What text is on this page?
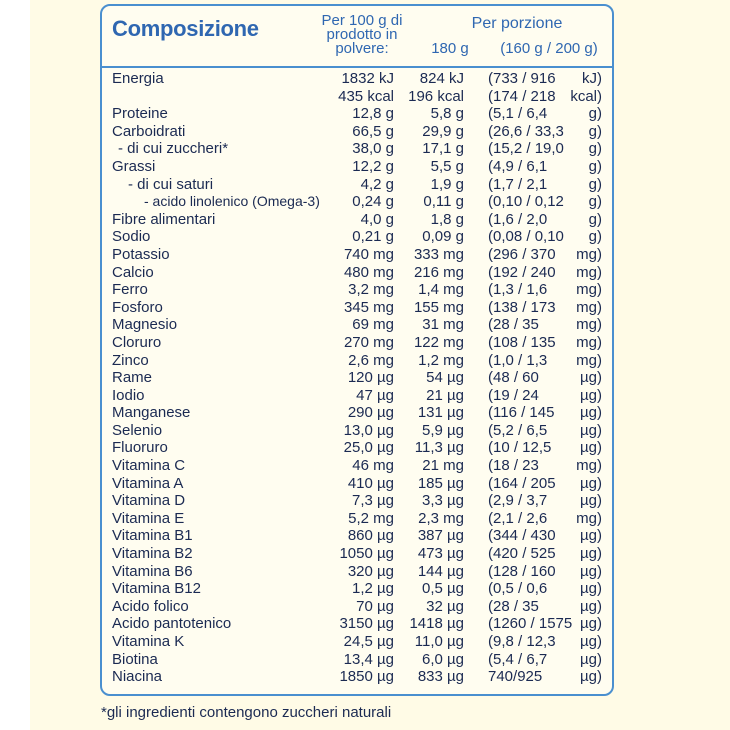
Composizione	Per 100 g di prodotto in polvere:
Per porzione
180 g	(160 g / 200 g)
Energia	1832 kJ 824 kJ (733 / 916 kJ)
435 kcal 196 kcal (174 / 218 kcal)
Proteine	12,8 g 5,8 g (5,1 / 6,4	g)
Carboidrati	66,5 g 29,9 g (26,6 / 33,3 g)
- di cui zuccheri*	38,0 g 17,1 g (15,2 / 19,0 g)
Grassi	12,2 g 5,5 g (4,9 / 6,1	g)
- di cui saturi	4,2 g 1,9 g (1,7 / 2,1	g)
- acido linolenico (Omega-3) 0,24 g 0,11 g (0,10 / 0,12 g)
Fibre alimentari	4,0 g 1,8 g (1,6 / 2,0	g)
Sodio	0,21 g 0,09 g (0,08 / 0,10 g)
Potassio	740 mg 333 mg (296 / 370 mg)
Calcio	480 mg 216 mg (192 / 240 mg)
Ferro	3,2 mg 1,4 mg (1,3 / 1,6 mg)
Fosforo	345 mg 155 mg (138 / 173 mg)
Magnesio	69 mg 31 mg (28 / 35 mg)
Cloruro	270 mg 122 mg (108 / 135 mg)
Zinco	2,6 mg 1,2 mg (1,0 / 1,3 mg)
Rame	120 µg 54 µg (48 / 60	µg)
Iodio	47 µg 21 µg (19 / 24	µg)
Manganese	290 µg 131 µg (116 / 145 µg)
Selenio	13,0 µg 5,9 µg (5,2 / 6,5 µg)
Fluoruro	25,0 µg 11,3 µg (10 / 12,5 µg)
Vitamina C	46 mg 21 mg (18 / 23 mg)
Vitamina A	410 µg 185 µg (164 / 205 µg)
Vitamina D	7,3 µg 3,3 µg (2,9 / 3,7 µg)
Vitamina E	5,2 mg 2,3 mg (2,1 / 2,6 mg)
Vitamina B1	860 µg 387 µg (344 / 430 µg)
Vitamina B2	1050 µg 473 µg (420 / 525 µg)
Vitamina B6	320 µg 144 µg (128 / 160 µg)
Vitamina B12	1,2 µg 0,5 µg (0,5 / 0,6 µg)
Acido folico	70 µg 32 µg (28 / 35	µg)
Acido pantotenico	3150 µg 1418 µg (1260 / 1575 µg)
Vitamina K	24,5 µg 11,0 µg (9,8 / 12,3 µg)
Biotina	13,4 µg 6,0 µg (5,4 / 6,7 µg)
Niacina	1850 µg 833 µg 740/925	µg)
*gli ingredienti contengono zuccheri naturali
